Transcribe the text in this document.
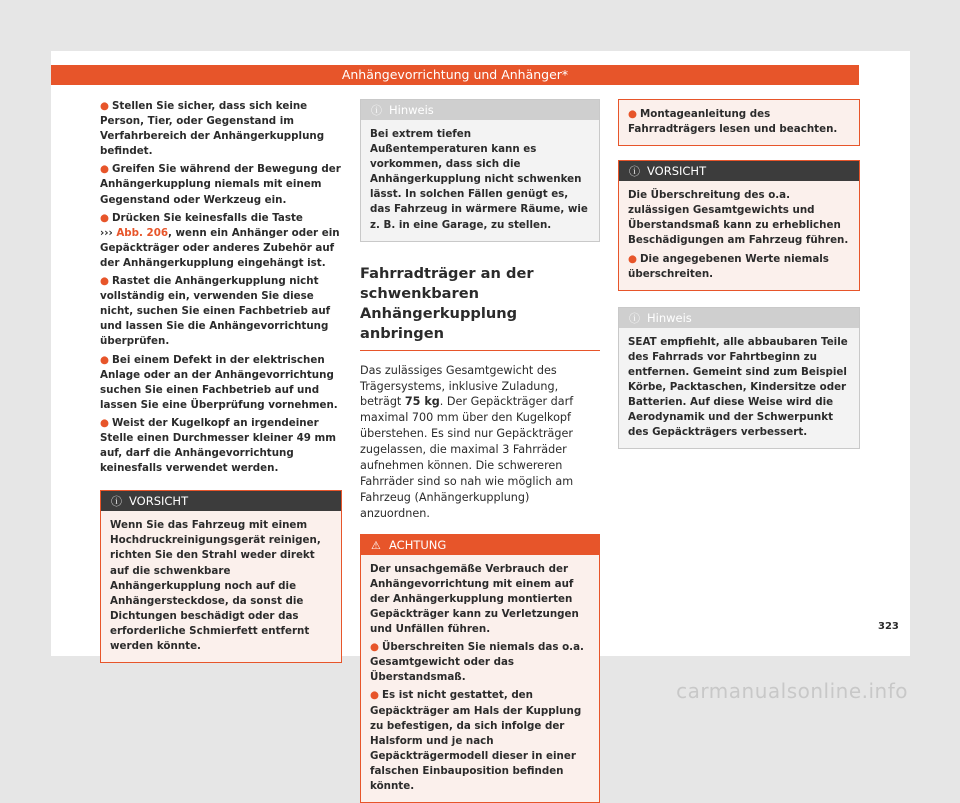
Anhängevorrichtung und Anhänger*
● Stellen Sie sicher, dass sich keine Person, Tier, oder Gegenstand im Verfahrbereich der Anhängerkupplung befindet.
● Greifen Sie während der Bewegung der Anhängerkupplung niemals mit einem Gegenstand oder Werkzeug ein.
● Drücken Sie keinesfalls die Taste
››› Abb. 206, wenn ein Anhänger oder ein Gepäckträger oder anderes Zubehör auf der Anhängerkupplung eingehängt ist.
● Rastet die Anhängerkupplung nicht vollständig ein, verwenden Sie diese nicht, suchen Sie einen Fachbetrieb auf und lassen Sie die Anhängevorrichtung überprüfen.
● Bei einem Defekt in der elektrischen Anlage oder an der Anhängevorrichtung suchen Sie einen Fachbetrieb auf und lassen Sie eine Überprüfung vornehmen.
● Weist der Kugelkopf an irgendeiner Stelle einen Durchmesser kleiner 49 mm auf, darf die Anhängevorrichtung keinesfalls verwendet werden.
ⓘ VORSICHT

Wenn Sie das Fahrzeug mit einem Hochdruckreinigungsgerät reinigen, richten Sie den Strahl weder direkt auf die schwenkbare Anhängerkupplung noch auf die Anhängersteckdose, da sonst die Dichtungen beschädigt oder das erforderliche Schmierfett entfernt werden könnte.

ⓘ Hinweis

Bei extrem tiefen Außentemperaturen kann es vorkommen, dass sich die Anhängerkupplung nicht schwenken lässt. In solchen Fällen genügt es, das Fahrzeug in wärmere Räume, wie z. B. in eine Garage, zu stellen.

Fahrradträger an der schwenkbaren Anhängerkupplung anbringen

Das zulässiges Gesamtgewicht des Trägersystems, inklusive Zuladung, beträgt 75 kg. Der Gepäckträger darf maximal 700 mm über den Kugelkopf überstehen. Es sind nur Gepäckträger zugelassen, die maximal 3 Fahrräder aufnehmen können. Die schwereren Fahrräder sind so nah wie möglich am Fahrzeug (Anhängerkupplung) anzuordnen.

⚠ ACHTUNG

Der unsachgemäße Verbrauch der Anhängevorrichtung mit einem auf der Anhängerkupplung montierten Gepäckträger kann zu Verletzungen und Unfällen führen.

● Überschreiten Sie niemals das o.a. Gesamtgewicht oder das Überstandsmaß.
● Es ist nicht gestattet, den Gepäckträger am Hals der Kupplung zu befestigen, da sich infolge der Halsform und je nach Gepäckträgermodell dieser in einer falschen Einbauposition befinden könnte.
● Montageanleitung des Fahrradträgers lesen und beachten.
ⓘ VORSICHT

Die Überschreitung des o.a. zulässigen Gesamtgewichts und Überstandsmaß kann zu erheblichen Beschädigungen am Fahrzeug führen.

● Die angegebenen Werte niemals überschreiten.
ⓘ Hinweis

SEAT empfiehlt, alle abbaubaren Teile des Fahrrads vor Fahrtbeginn zu entfernen. Gemeint sind zum Beispiel Körbe, Packtaschen, Kindersitze oder Batterien. Auf diese Weise wird die Aerodynamik und der Schwerpunkt des Gepäckträgers verbessert.

323
carmanualsonline.info
